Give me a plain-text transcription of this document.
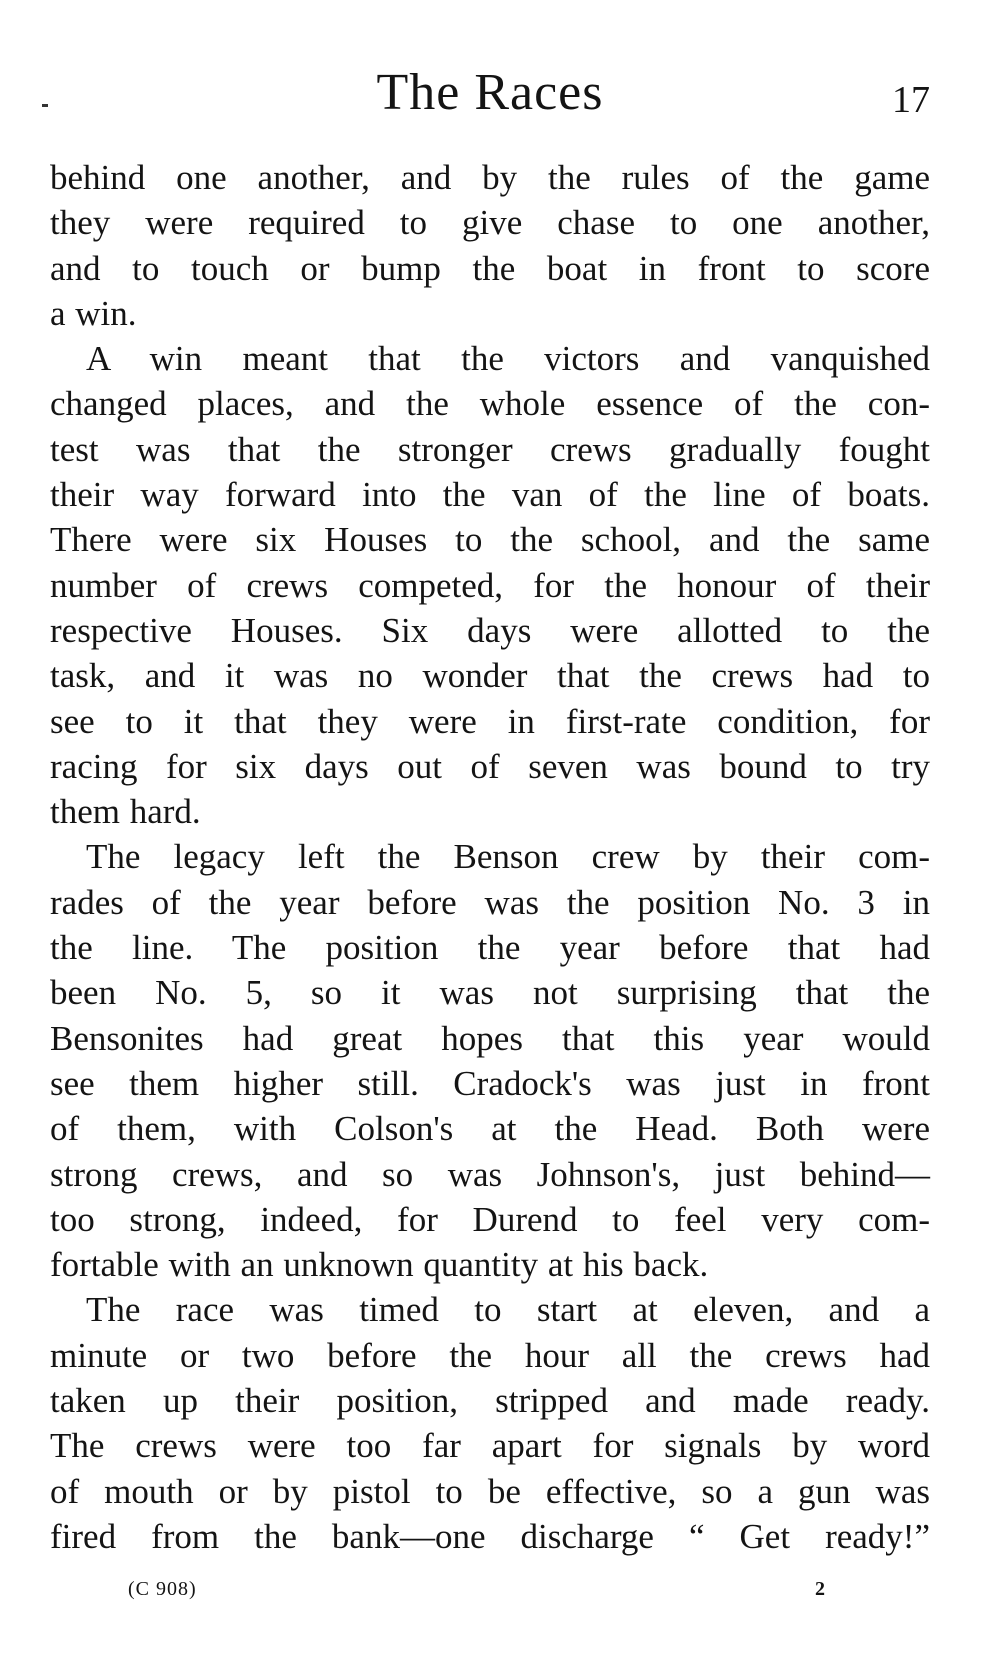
The Races	17

behind one another, and by the rules of the game
they were required to give chase to one another,
and to touch or bump the boat in front to score
a win.

A win meant that the victors and vanquished
changed places, and the whole essence of the con-
test was that the stronger crews gradually fought
their way forward into the van of the line of boats.
There were six Houses to the school, and the same
number of crews competed, for the honour of their
respective Houses. Six days were allotted to the
task, and it was no wonder that the crews had to
see to it that they were in first-rate condition, for
racing for six days out of seven was bound to try
them hard.

The legacy left the Benson crew by their com-
rades of the year before was the position No. 3 in
the line. The position the year before that had
been No. 5, so it was not surprising that the
Bensonites had great hopes that this year would
see them higher still. Cradock's was just in front
of them, with Colson's at the Head. Both were
strong crews, and so was Johnson's, just behind—
too strong, indeed, for Durend to feel very com-
fortable with an unknown quantity at his back.

The race was timed to start at eleven, and a
minute or two before the hour all the crews had
taken up their position, stripped and made ready.
The crews were too far apart for signals by word
of mouth or by pistol to be effective, so a gun was
fired from the bank—one discharge “ Get ready!”

(C 908)	2
